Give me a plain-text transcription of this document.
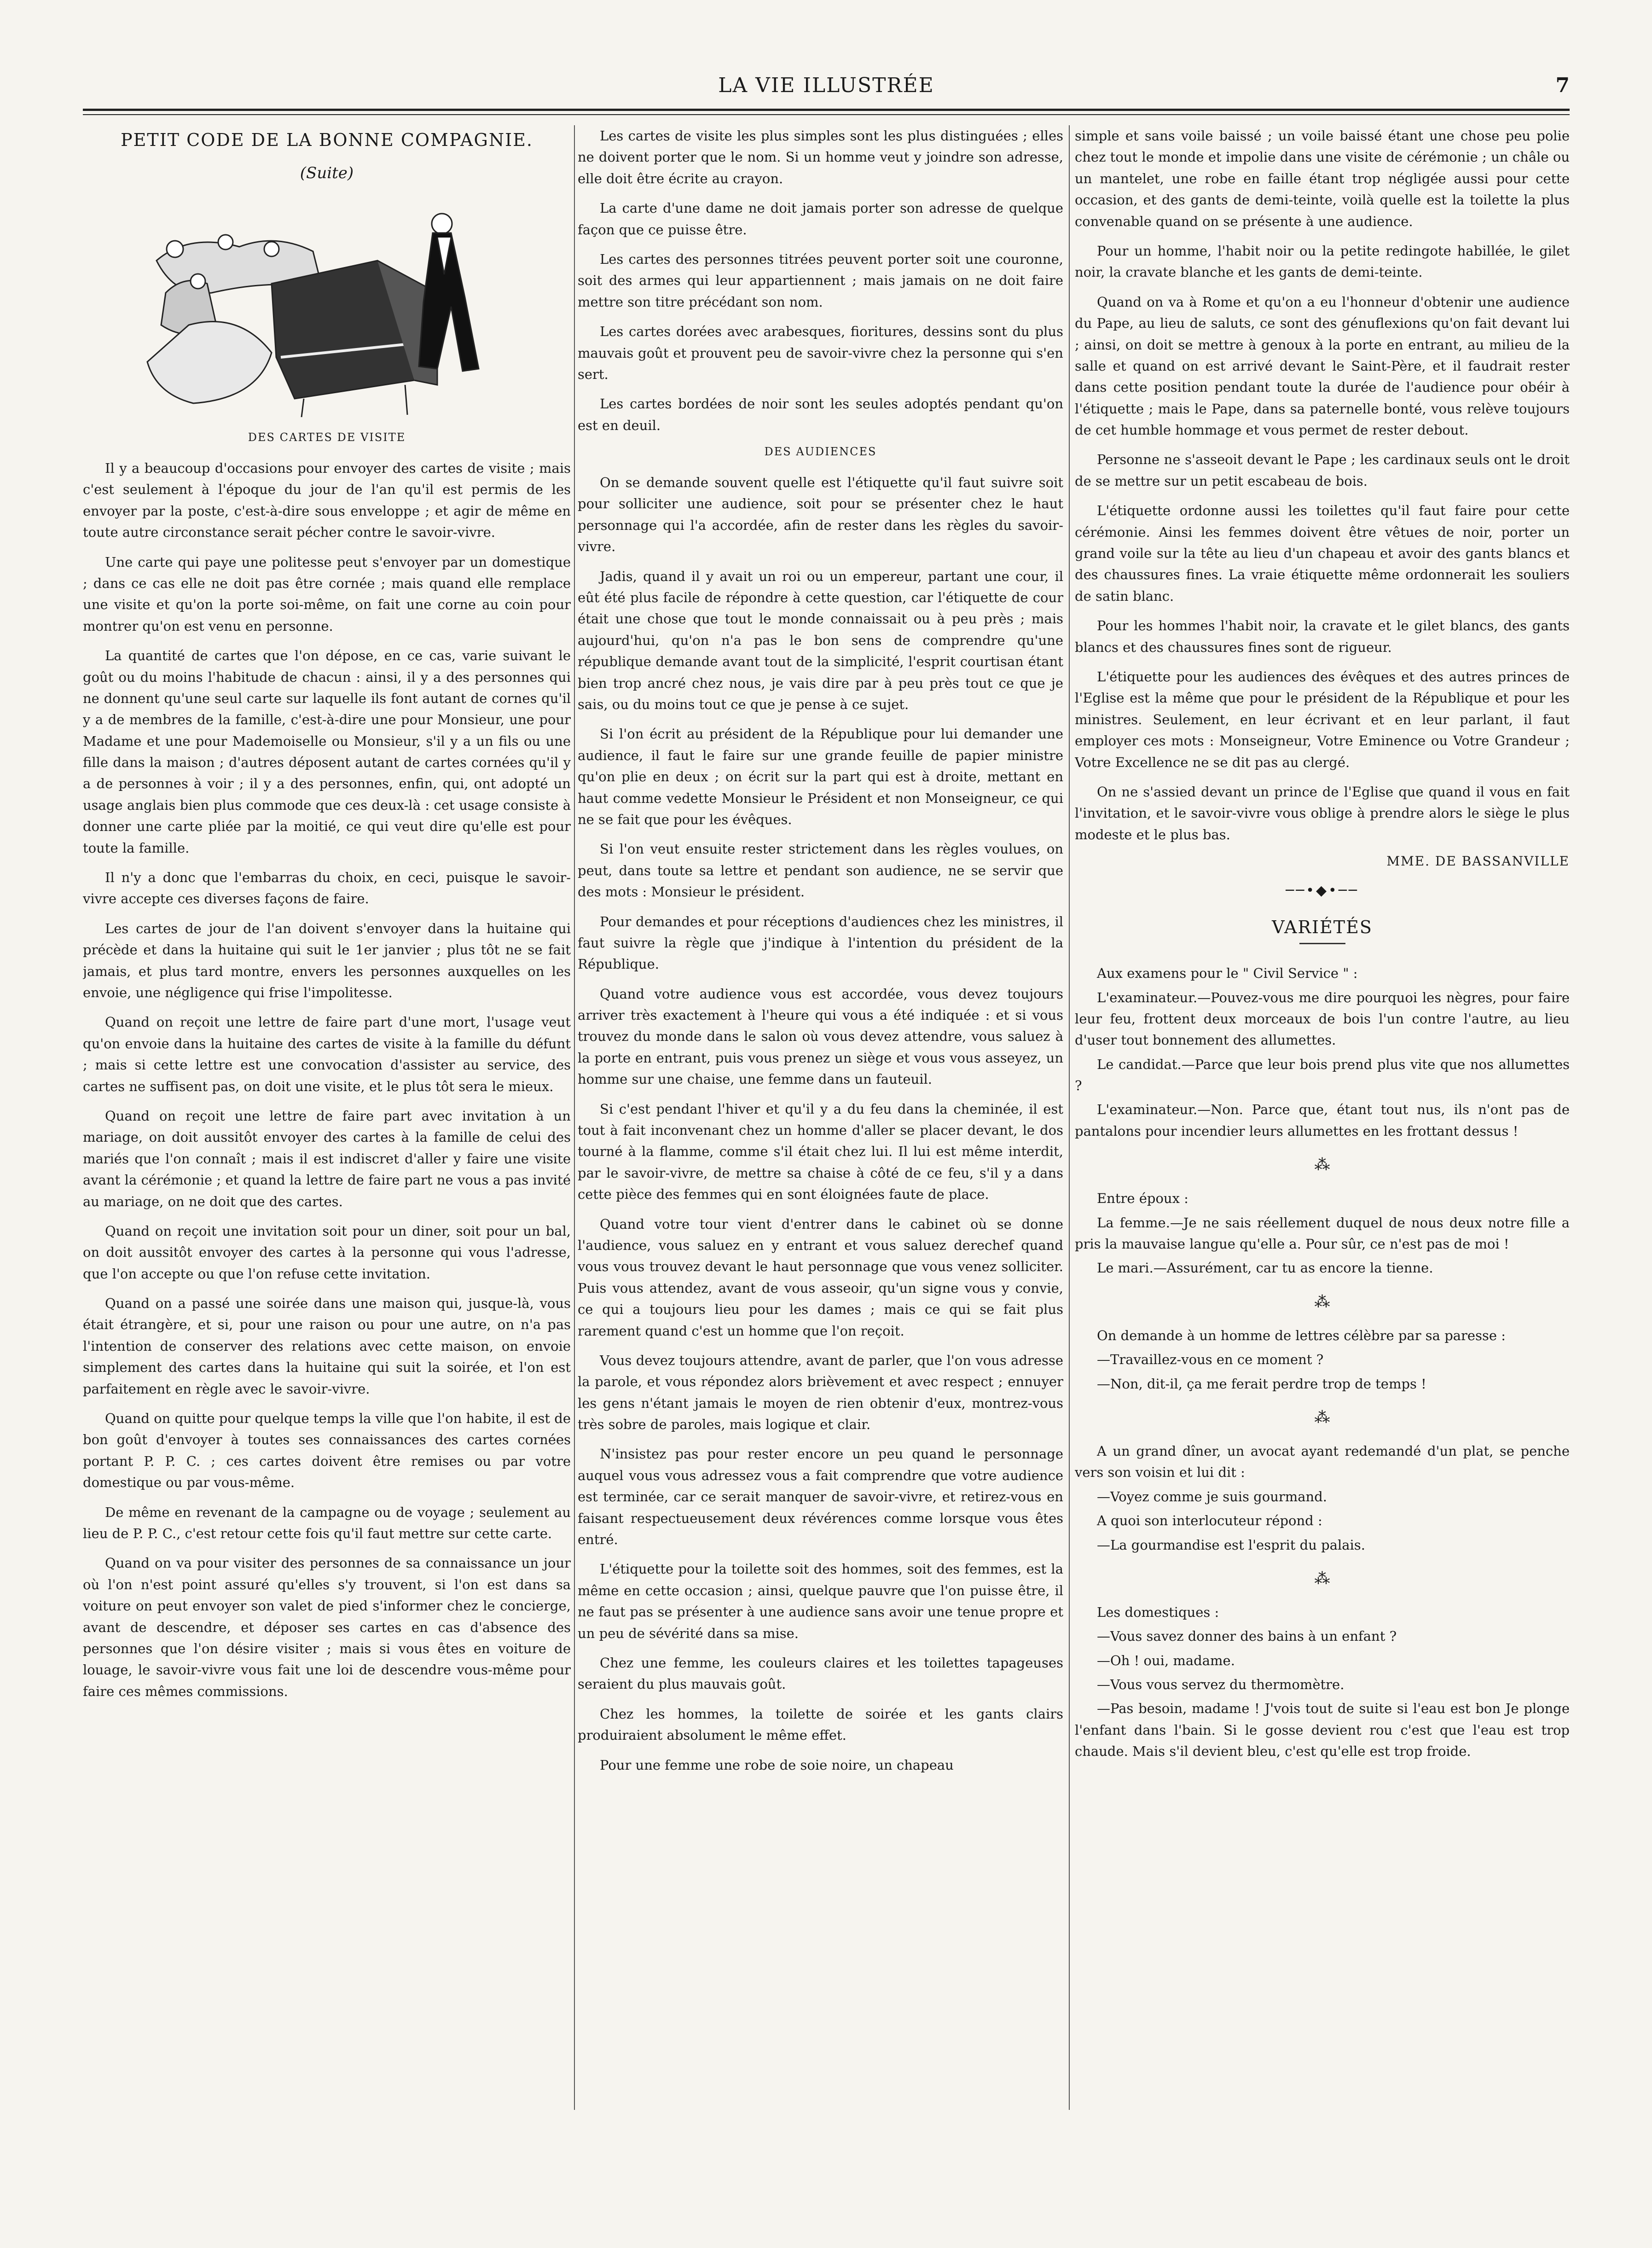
LA VIE ILLUSTRÉE	7
PETIT CODE DE LA BONNE COMPAGNIE.
(Suite)
DES CARTES DE VISITE

Il y a beaucoup d'occasions pour envoyer des cartes de visite ; mais c'est seulement à l'époque du jour de l'an qu'il est permis de les envoyer par la poste, c'est-à-dire sous enveloppe ; et agir de même en toute autre circonstance serait pécher contre le savoir-vivre.

Une carte qui paye une politesse peut s'envoyer par un domestique ; dans ce cas elle ne doit pas être cornée ; mais quand elle remplace une visite et qu'on la porte soi-même, on fait une corne au coin pour montrer qu'on est venu en personne.

La quantité de cartes que l'on dépose, en ce cas, varie suivant le goût ou du moins l'habitude de chacun : ainsi, il y a des personnes qui ne donnent qu'une seul carte sur laquelle ils font autant de cornes qu'il y a de membres de la famille, c'est-à-dire une pour Monsieur, une pour Madame et une pour Mademoiselle ou Monsieur, s'il y a un fils ou une fille dans la maison ; d'autres déposent autant de cartes cornées qu'il y a de personnes à voir ; il y a des personnes, enfin, qui, ont adopté un usage anglais bien plus commode que ces deux-là : cet usage consiste à donner une carte pliée par la moitié, ce qui veut dire qu'elle est pour toute la famille.

Il n'y a donc que l'embarras du choix, en ceci, puisque le savoir-vivre accepte ces diverses façons de faire.

Les cartes de jour de l'an doivent s'envoyer dans la huitaine qui précède et dans la huitaine qui suit le 1er janvier ; plus tôt ne se fait jamais, et plus tard montre, envers les personnes auxquelles on les envoie, une négligence qui frise l'impolitesse.

Quand on reçoit une lettre de faire part d'une mort, l'usage veut qu'on envoie dans la huitaine des cartes de visite à la famille du défunt ; mais si cette lettre est une convocation d'assister au service, des cartes ne suffisent pas, on doit une visite, et le plus tôt sera le mieux.

Quand on reçoit une lettre de faire part avec invitation à un mariage, on doit aussitôt envoyer des cartes à la famille de celui des mariés que l'on connaît ; mais il est indiscret d'aller y faire une visite avant la cérémonie ; et quand la lettre de faire part ne vous a pas invité au mariage, on ne doit que des cartes.

Quand on reçoit une invitation soit pour un diner, soit pour un bal, on doit aussitôt envoyer des cartes à la personne qui vous l'adresse, que l'on accepte ou que l'on refuse cette invitation.

Quand on a passé une soirée dans une maison qui, jusque-là, vous était étrangère, et si, pour une raison ou pour une autre, on n'a pas l'intention de conserver des relations avec cette maison, on envoie simplement des cartes dans la huitaine qui suit la soirée, et l'on est parfaitement en règle avec le savoir-vivre.

Quand on quitte pour quelque temps la ville que l'on habite, il est de bon goût d'envoyer à toutes ses connaissances des cartes cornées portant P. P. C. ; ces cartes doivent être remises ou par votre domestique ou par vous-même.

De même en revenant de la campagne ou de voyage ; seulement au lieu de P. P. C., c'est retour cette fois qu'il faut mettre sur cette carte.

Quand on va pour visiter des personnes de sa connaissance un jour où l'on n'est point assuré qu'elles s'y trouvent, si l'on est dans sa voiture on peut envoyer son valet de pied s'informer chez le concierge, avant de descendre, et déposer ses cartes en cas d'absence des personnes que l'on désire visiter ; mais si vous êtes en voiture de louage, le savoir-vivre vous fait une loi de descendre vous-même pour faire ces mêmes commissions.

Les cartes de visite les plus simples sont les plus distinguées ; elles ne doivent porter que le nom. Si un homme veut y joindre son adresse, elle doit être écrite au crayon.

La carte d'une dame ne doit jamais porter son adresse de quelque façon que ce puisse être.

Les cartes des personnes titrées peuvent porter soit une couronne, soit des armes qui leur appartiennent ; mais jamais on ne doit faire mettre son titre précédant son nom.

Les cartes dorées avec arabesques, fioritures, dessins sont du plus mauvais goût et prouvent peu de savoir-vivre chez la personne qui s'en sert.

Les cartes bordées de noir sont les seules adoptés pendant qu'on est en deuil.

DES AUDIENCES

On se demande souvent quelle est l'étiquette qu'il faut suivre soit pour solliciter une audience, soit pour se présenter chez le haut personnage qui l'a accordée, afin de rester dans les règles du savoir-vivre.

Jadis, quand il y avait un roi ou un empereur, partant une cour, il eût été plus facile de répondre à cette question, car l'étiquette de cour était une chose que tout le monde connaissait ou à peu près ; mais aujourd'hui, qu'on n'a pas le bon sens de comprendre qu'une république demande avant tout de la simplicité, l'esprit courtisan étant bien trop ancré chez nous, je vais dire par à peu près tout ce que je sais, ou du moins tout ce que je pense à ce sujet.

Si l'on écrit au président de la République pour lui demander une audience, il faut le faire sur une grande feuille de papier ministre qu'on plie en deux ; on écrit sur la part qui est à droite, mettant en haut comme vedette Monsieur le Président et non Monseigneur, ce qui ne se fait que pour les évêques.

Si l'on veut ensuite rester strictement dans les règles voulues, on peut, dans toute sa lettre et pendant son audience, ne se servir que des mots : Monsieur le président.

Pour demandes et pour réceptions d'audiences chez les ministres, il faut suivre la règle que j'indique à l'intention du président de la République.

Quand votre audience vous est accordée, vous devez toujours arriver très exactement à l'heure qui vous a été indiquée : et si vous trouvez du monde dans le salon où vous devez attendre, vous saluez à la porte en entrant, puis vous prenez un siège et vous vous asseyez, un homme sur une chaise, une femme dans un fauteuil.

Si c'est pendant l'hiver et qu'il y a du feu dans la cheminée, il est tout à fait inconvenant chez un homme d'aller se placer devant, le dos tourné à la flamme, comme s'il était chez lui. Il lui est même interdit, par le savoir-vivre, de mettre sa chaise à côté de ce feu, s'il y a dans cette pièce des femmes qui en sont éloignées faute de place.

Quand votre tour vient d'entrer dans le cabinet où se donne l'audience, vous saluez en y entrant et vous saluez derechef quand vous vous trouvez devant le haut personnage que vous venez solliciter. Puis vous attendez, avant de vous asseoir, qu'un signe vous y convie, ce qui a toujours lieu pour les dames ; mais ce qui se fait plus rarement quand c'est un homme que l'on reçoit.

Vous devez toujours attendre, avant de parler, que l'on vous adresse la parole, et vous répondez alors brièvement et avec respect ; ennuyer les gens n'étant jamais le moyen de rien obtenir d'eux, montrez-vous très sobre de paroles, mais logique et clair.

N'insistez pas pour rester encore un peu quand le personnage auquel vous vous adressez vous a fait comprendre que votre audience est terminée, car ce serait manquer de savoir-vivre, et retirez-vous en faisant respectueusement deux révérences comme lorsque vous êtes entré.

L'étiquette pour la toilette soit des hommes, soit des femmes, est la même en cette occasion ; ainsi, quelque pauvre que l'on puisse être, il ne faut pas se présenter à une audience sans avoir une tenue propre et un peu de sévérité dans sa mise.

Chez une femme, les couleurs claires et les toilettes tapageuses seraient du plus mauvais goût.

Chez les hommes, la toilette de soirée et les gants clairs produiraient absolument le même effet.

Pour une femme une robe de soie noire, un chapeau

simple et sans voile baissé ; un voile baissé étant une chose peu polie chez tout le monde et impolie dans une visite de cérémonie ; un châle ou un mantelet, une robe en faille étant trop négligée aussi pour cette occasion, et des gants de demi-teinte, voilà quelle est la toilette la plus convenable quand on se présente à une audience.

Pour un homme, l'habit noir ou la petite redingote habillée, le gilet noir, la cravate blanche et les gants de demi-teinte.

Quand on va à Rome et qu'on a eu l'honneur d'obtenir une audience du Pape, au lieu de saluts, ce sont des génuflexions qu'on fait devant lui ; ainsi, on doit se mettre à genoux à la porte en entrant, au milieu de la salle et quand on est arrivé devant le Saint-Père, et il faudrait rester dans cette position pendant toute la durée de l'audience pour obéir à l'étiquette ; mais le Pape, dans sa paternelle bonté, vous relève toujours de cet humble hommage et vous permet de rester debout.

Personne ne s'asseoit devant le Pape ; les cardinaux seuls ont le droit de se mettre sur un petit escabeau de bois.

L'étiquette ordonne aussi les toilettes qu'il faut faire pour cette cérémonie. Ainsi les femmes doivent être vêtues de noir, porter un grand voile sur la tête au lieu d'un chapeau et avoir des gants blancs et des chaussures fines. La vraie étiquette même ordonnerait les souliers de satin blanc.

Pour les hommes l'habit noir, la cravate et le gilet blancs, des gants blancs et des chaussures fines sont de rigueur.

L'étiquette pour les audiences des évêques et des autres princes de l'Eglise est la même que pour le président de la République et pour les ministres. Seulement, en leur écrivant et en leur parlant, il faut employer ces mots : Monseigneur, Votre Eminence ou Votre Grandeur ; Votre Excellence ne se dit pas au clergé.

On ne s'assied devant un prince de l'Eglise que quand il vous en fait l'invitation, et le savoir-vivre vous oblige à prendre alors le siège le plus modeste et le plus bas.

MME. DE BASSANVILLE
──•◆•──
VARIÉTÉS

Aux examens pour le " Civil Service " :

L'examinateur.—Pouvez-vous me dire pourquoi les nègres, pour faire leur feu, frottent deux morceaux de bois l'un contre l'autre, au lieu d'user tout bonnement des allumettes.

Le candidat.—Parce que leur bois prend plus vite que nos allumettes ?

L'examinateur.—Non. Parce que, étant tout nus, ils n'ont pas de pantalons pour incendier leurs allumettes en les frottant dessus !

⁂

Entre époux :

La femme.—Je ne sais réellement duquel de nous deux notre fille a pris la mauvaise langue qu'elle a. Pour sûr, ce n'est pas de moi !

Le mari.—Assurément, car tu as encore la tienne.

⁂

On demande à un homme de lettres célèbre par sa paresse :

—Travaillez-vous en ce moment ?

—Non, dit-il, ça me ferait perdre trop de temps !

⁂

A un grand dîner, un avocat ayant redemandé d'un plat, se penche vers son voisin et lui dit :

—Voyez comme je suis gourmand.

A quoi son interlocuteur répond :

—La gourmandise est l'esprit du palais.

⁂

Les domestiques :

—Vous savez donner des bains à un enfant ?

—Oh ! oui, madame.

—Vous vous servez du thermomètre.

—Pas besoin, madame ! J'vois tout de suite si l'eau est bon Je plonge l'enfant dans l'bain. Si le gosse devient rou c'est que l'eau est trop chaude. Mais s'il devient bleu, c'est qu'elle est trop froide.
